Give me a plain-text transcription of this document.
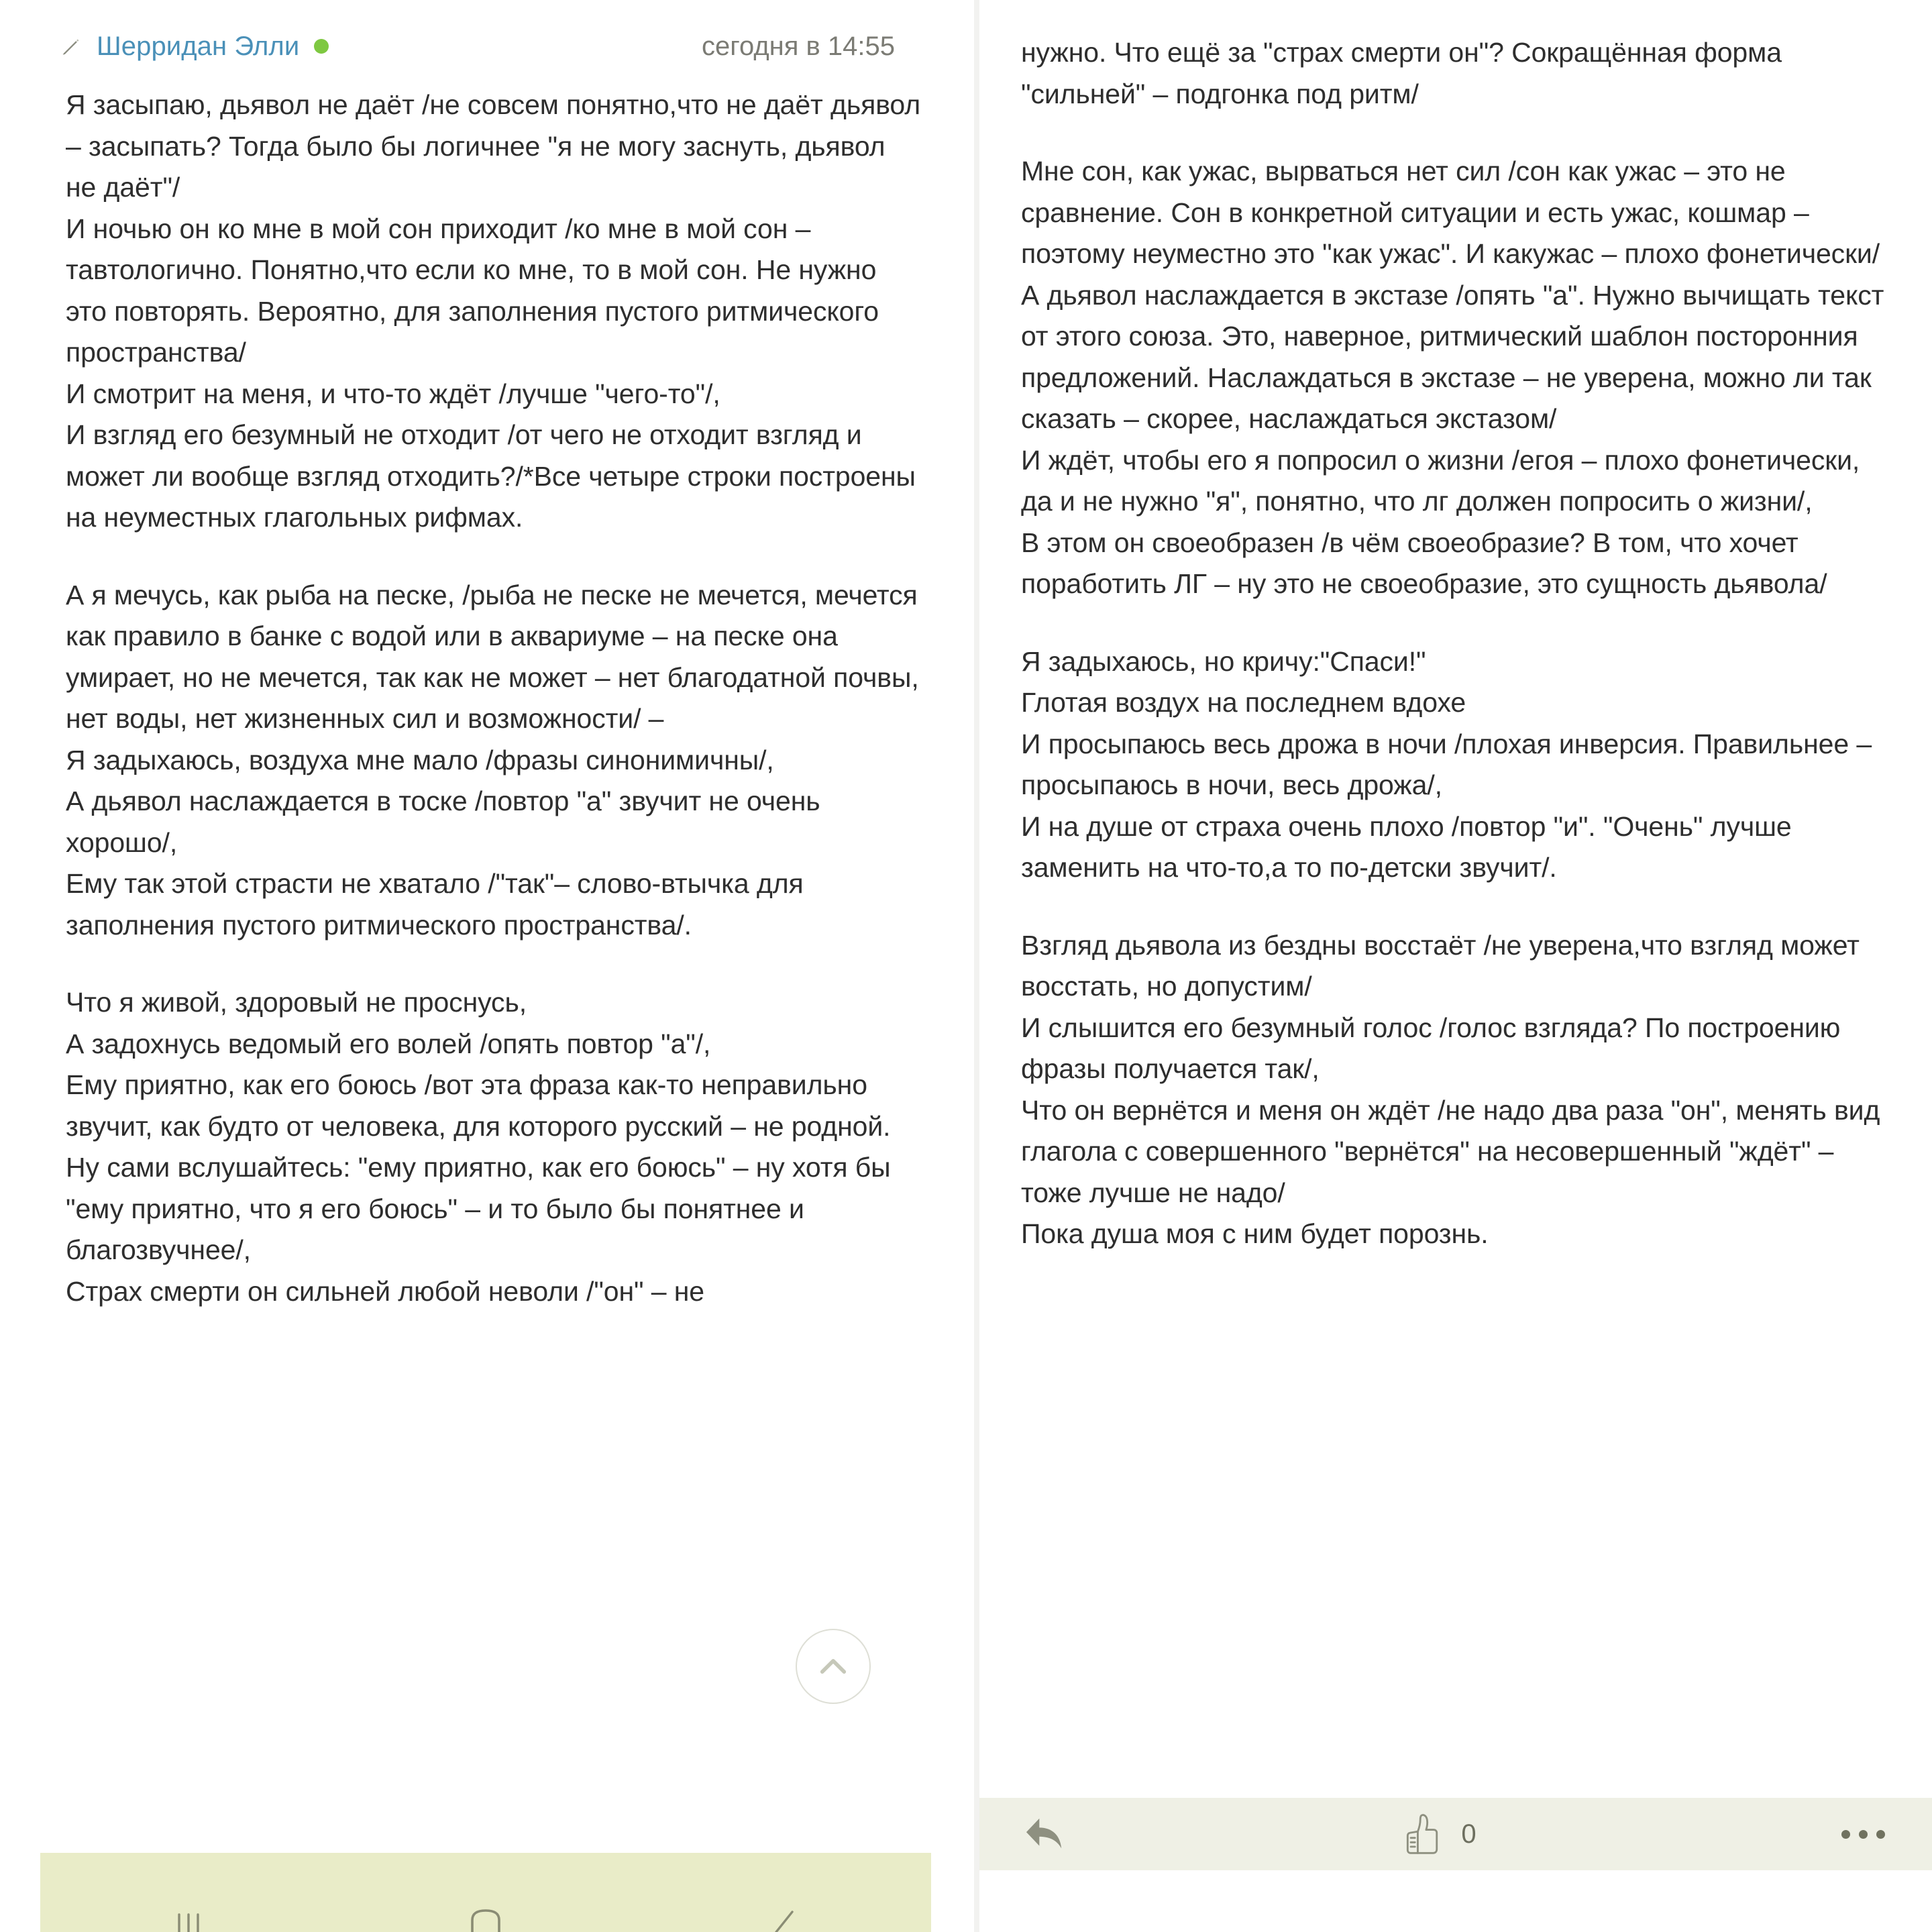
Шерридан Элли	сегодня в 14:55

Я засыпаю, дьявол не даёт /не совсем понятно,что не даёт дьявол – засыпать? Тогда было бы логичнее "я не могу заснуть, дьявол не даёт"/

И ночью он ко мне в мой сон приходит /ко мне в мой сон – тавтологично. Понятно,что если ко мне, то в мой сон. Не нужно это повторять. Вероятно, для заполнения пустого ритмического пространства/

И смотрит на меня, и что-то ждёт /лучше "чего-то"/,

И взгляд его безумный не отходит /от чего не отходит взгляд и может ли вообще взгляд отходить?/*Все четыре строки построены на неуместных глагольных рифмах.

А я мечусь, как рыба на песке, /рыба не песке не мечется, мечется как правило в банке с водой или в аквариуме – на песке она умирает, но не мечется, так как не может – нет благодатной почвы, нет воды, нет жизненных сил и возможности/ –

Я задыхаюсь, воздуха мне мало /фразы синонимичны/,

А дьявол наслаждается в тоске /повтор "а" звучит не очень хорошо/,

Ему так этой страсти не хватало /"так"– слово-втычка для заполнения пустого ритмического пространства/.

Что я живой, здоровый не проснусь,

А задохнусь ведомый его волей /опять повтор "а"/,

Ему приятно, как его боюсь /вот эта фраза как-то неправильно звучит, как будто от человека, для которого русский – не родной. Ну сами вслушайтесь: "ему приятно, как его боюсь" – ну хотя бы "ему приятно, что я его боюсь" – и то было бы понятнее и благозвучнее/,

Страх смерти он сильней любой неволи /"он" – не

нужно. Что ещё за "страх смерти он"? Сокращённая форма "сильней" – подгонка под ритм/

Мне сон, как ужас, вырваться нет сил /сон как ужас – это не сравнение. Сон в конкретной ситуации и есть ужас, кошмар – поэтому неуместно это "как ужас". И какужас – плохо фонетически/

А дьявол наслаждается в экстазе /опять "а". Нужно вычищать текст от этого союза. Это, наверное, ритмический шаблон посторонния предложений. Наслаждаться в экстазе – не уверена, можно ли так сказать – скорее, наслаждаться экстазом/

И ждёт, чтобы его я попросил о жизни /егоя – плохо фонетически, да и не нужно "я", понятно, что лг должен попросить о жизни/,

В этом он своеобразен /в чём своеобразие? В том, что хочет поработить ЛГ – ну это не своеобразие, это сущность дьявола/

Я задыхаюсь, но кричу:"Спаси!"

Глотая воздух на последнем вдохе

И просыпаюсь весь дрожа в ночи /плохая инверсия. Правильнее – просыпаюсь в ночи, весь дрожа/,

И на душе от страха очень плохо /повтор "и". "Очень" лучше заменить на что-то,а то по-детски звучит/.

Взгляд дьявола из бездны восстаёт /не уверена,что взгляд может восстать, но допустим/

И слышится его безумный голос /голос взгляда? По построению фразы получается так/,

Что он вернётся и меня он ждёт /не надо два раза "он", менять вид глагола с совершенного "вернётся" на несовершенный "ждёт" – тоже лучше не надо/

Пока душа моя с ним будет порознь.

0
